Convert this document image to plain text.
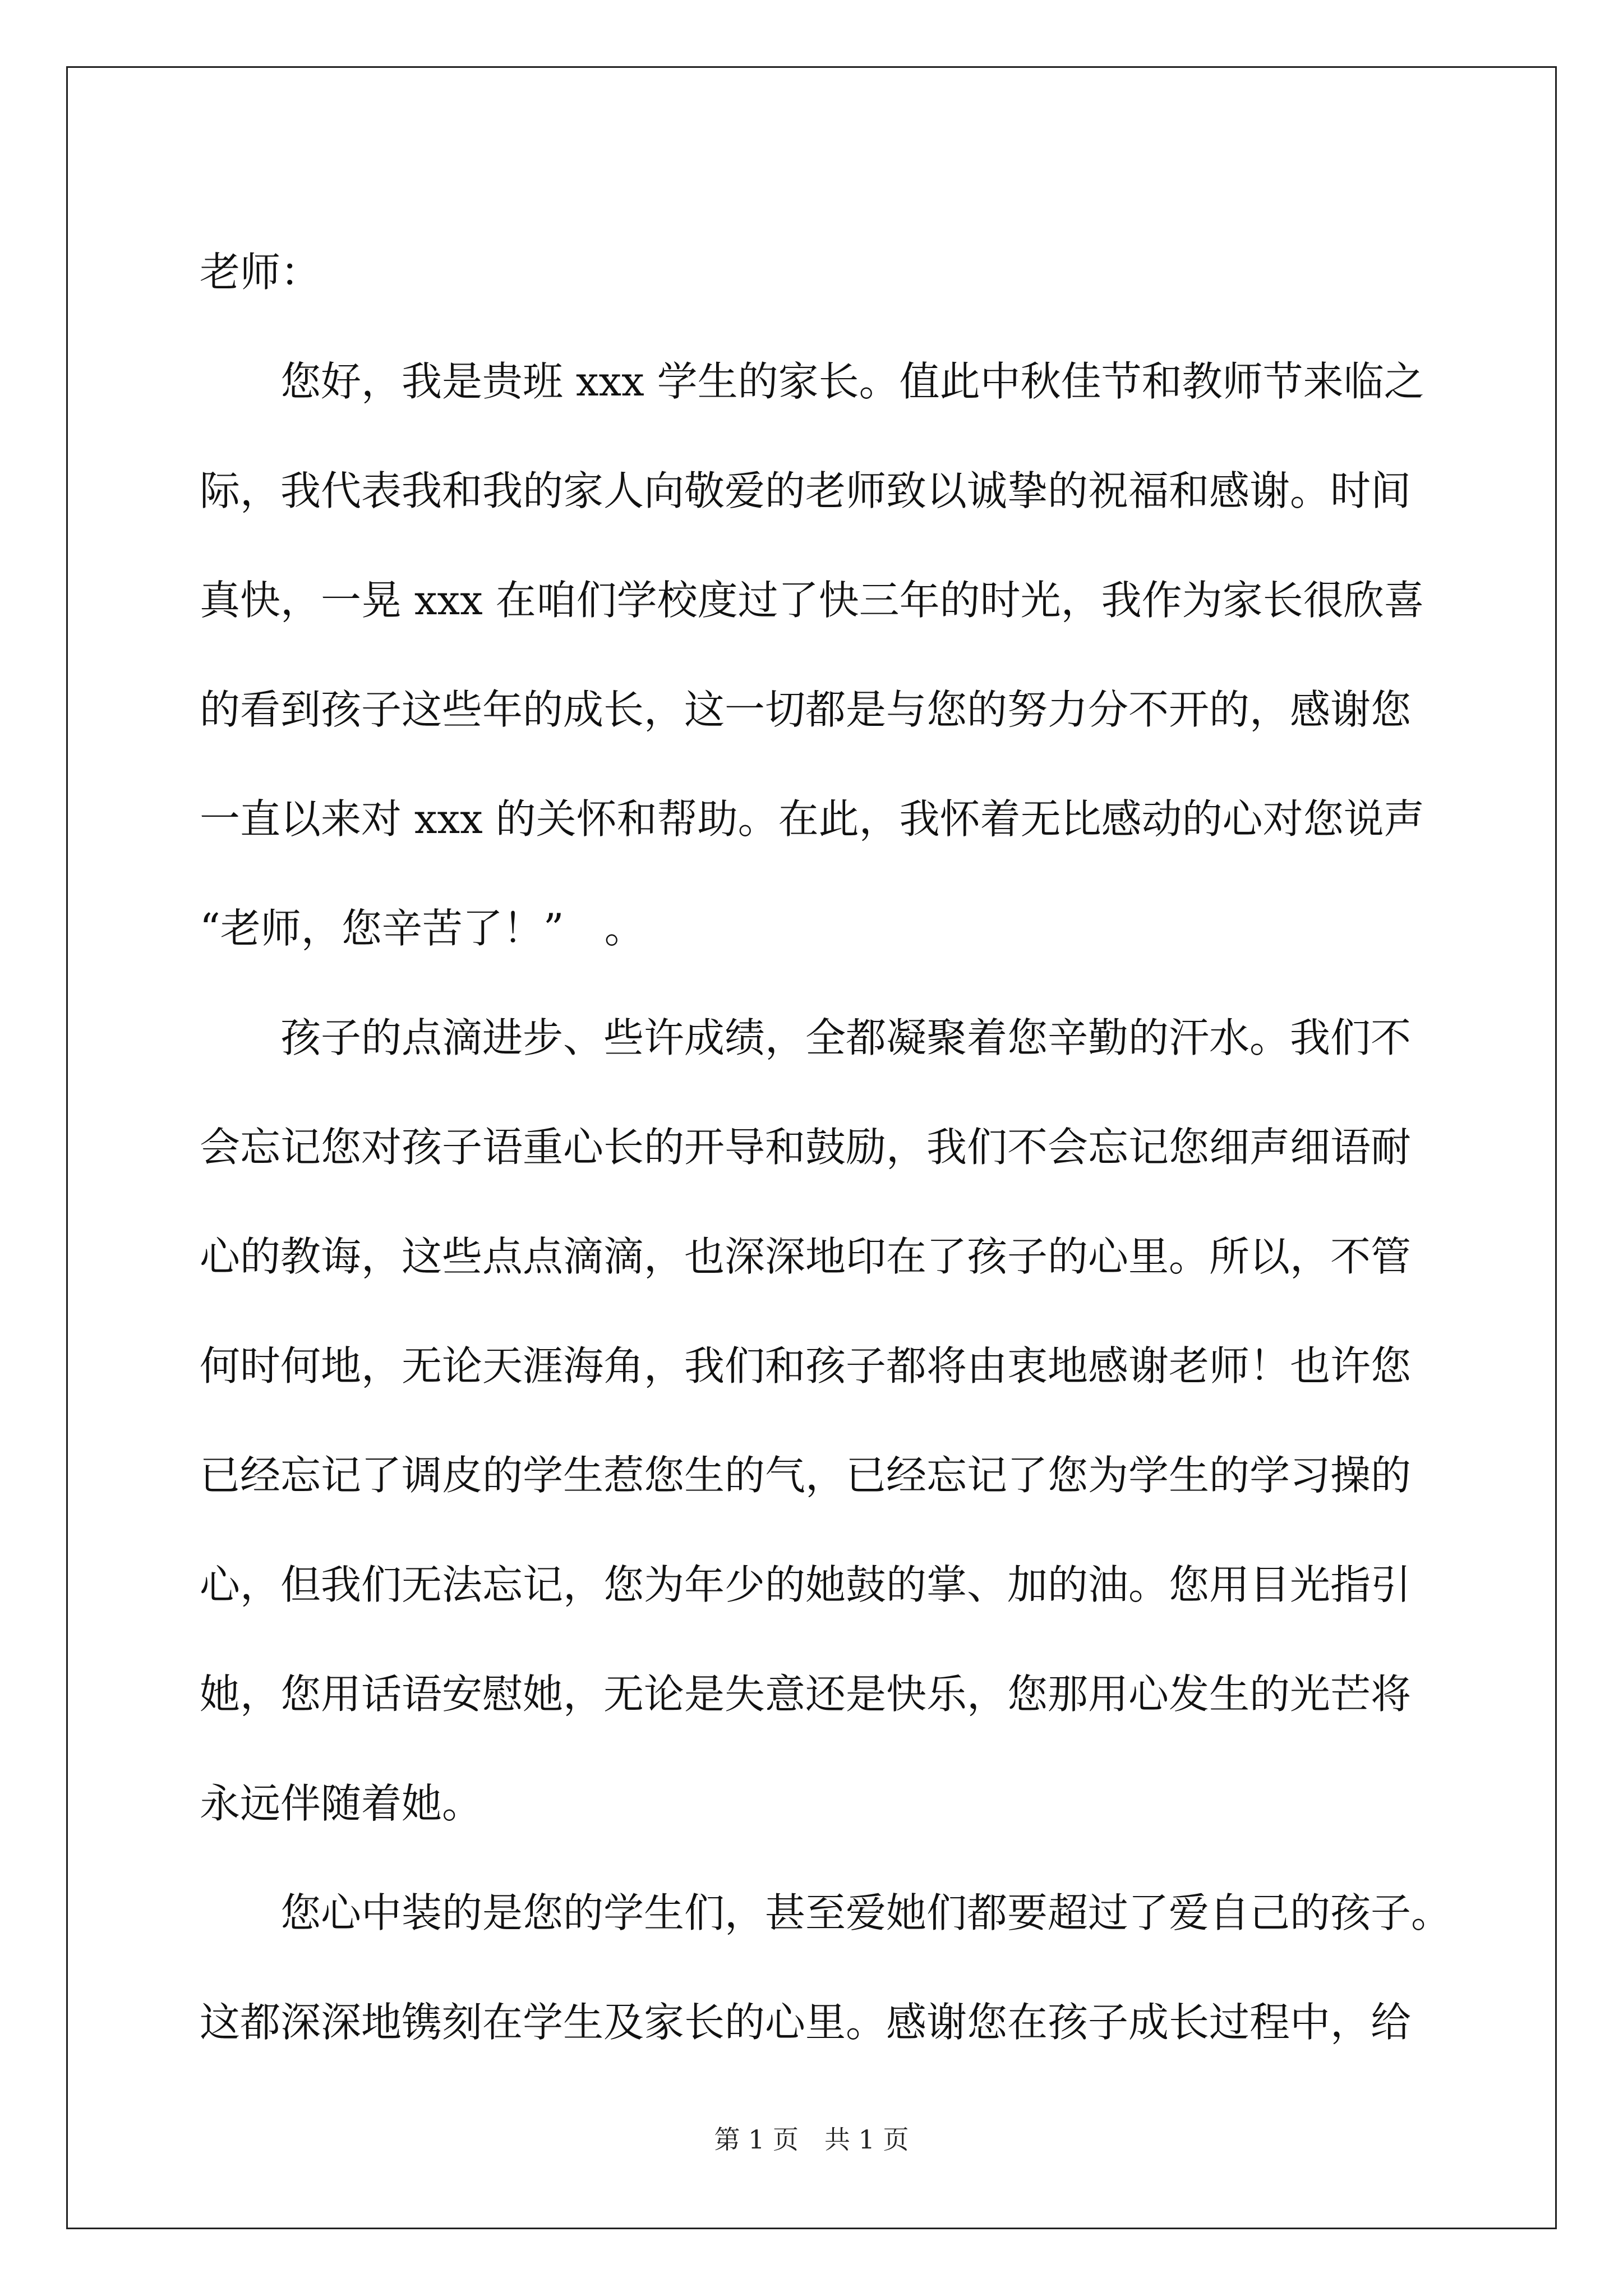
老师：
您好，我是贵班 xxx 学生的家长。值此中秋佳节和教师节来临之
际，我代表我和我的家人向敬爱的老师致以诚挚的祝福和感谢。时间
真快，一晃 xxx 在咱们学校度过了快三年的时光，我作为家长很欣喜
的看到孩子这些年的成长，这一切都是与您的努力分不开的，感谢您
一直以来对 xxx 的关怀和帮助。在此，我怀着无比感动的心对您说声
“老师，您辛苦了！”　。
孩子的点滴进步、些许成绩，全都凝聚着您辛勤的汗水。我们不
会忘记您对孩子语重心长的开导和鼓励，我们不会忘记您细声细语耐
心的教诲，这些点点滴滴，也深深地印在了孩子的心里。所以，不管
何时何地，无论天涯海角，我们和孩子都将由衷地感谢老师！也许您
已经忘记了调皮的学生惹您生的气，已经忘记了您为学生的学习操的
心，但我们无法忘记，您为年少的她鼓的掌、加的油。您用目光指引
她，您用话语安慰她，无论是失意还是快乐，您那用心发生的光芒将
永远伴随着她。
您心中装的是您的学生们，甚至爱她们都要超过了爱自己的孩子。
这都深深地镌刻在学生及家长的心里。感谢您在孩子成长过程中，给
第 1 页　共 1 页
